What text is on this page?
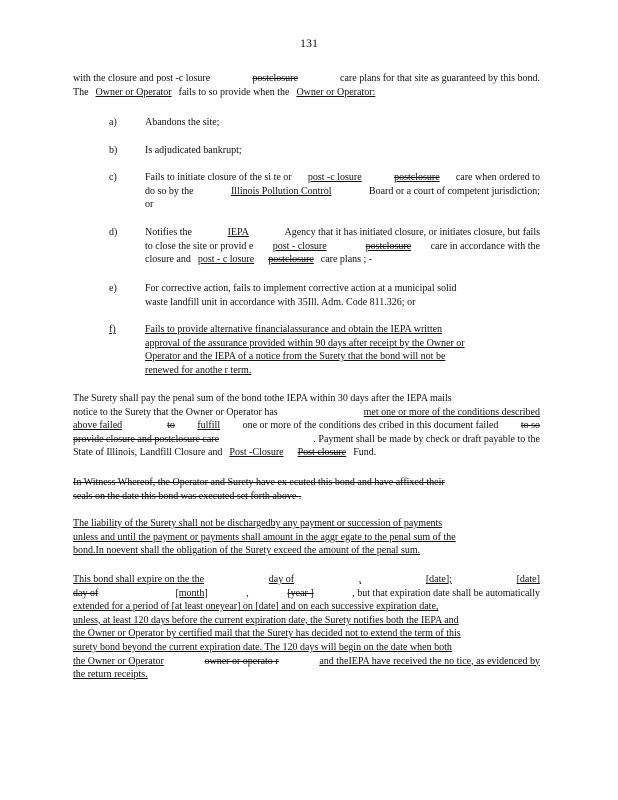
131
with the closure and post -c losure	postclosure	care plans for that site as guaranteed by this bond.
The Owner or Operator fails to so provide when the Owner or Operator:
a)	Abandons the site;
b)	Is adjudicated bankrupt;
c)	Fails to initiate closure of the si te or post -c losure	postclosure care when ordered to
do so by the	Illinois Pollution Control	Board or a court of competent jurisdiction;
or
d)	Notifies the	IEPA	Agency that it has initiated closure, or initiates closure, but fails
to close the site or provid e post - closure	postclosure care in accordance with the
closure and post - c losure postclosure care plans ; -
e)	For corrective action, fails to implement corrective action at a municipal solid
waste landfill unit in accordance with 35Ill. Adm. Code 811.326; or
f)	Fails to provide alternative financialassurance and obtain the IEPA written
approval of the assurance provided within 90 days after receipt by the Owner or
Operator and the IEPA of a notice from the Surety that the bond will not be
renewed for anothe r term.
The Surety shall pay the penal sum of the bond tothe IEPA within 30 days after the IEPA mails
notice to the Surety that the Owner or Operator has	met one or more of the conditions described
above failed	to fulfill one or more of the conditions des cribed in this document failed to so
provide closure and postclosure care	. Payment shall be made by check or draft payable to the
State of Illinois, Landfill Closure and Post -Closure Post closure Fund.
In Witness Whereof, the Operator and Surety have ex ecuted this bond and have affixed their
seals on the date this bond was executed set forth above .
The liability of the Surety shall not be dischargedby any payment or succession of payments
unless and until the payment or payments shall amount in the aggr egate to the penal sum of the
bond.In noevent shall the obligation of the Surety exceed the amount of the penal sum.
This bond shall expire on the the	day of	,	[date];	[date]
day of	[month]	,	[year ]	, but that expiration date shall be automatically
extended for a period of [at least oneyear] on [date] and on each successive expiration date,
unless, at least 120 days before the current expiration date, the Surety notifies both the IEPA and
the Owner or Operator by certified mail that the Surety has decided not to extend the term of this
surety bond beyond the current expiration date. The 120 days will begin on the date when both
the Owner or Operator	owner or operato r	and theIEPA have received the no tice, as evidenced by
the return receipts.
